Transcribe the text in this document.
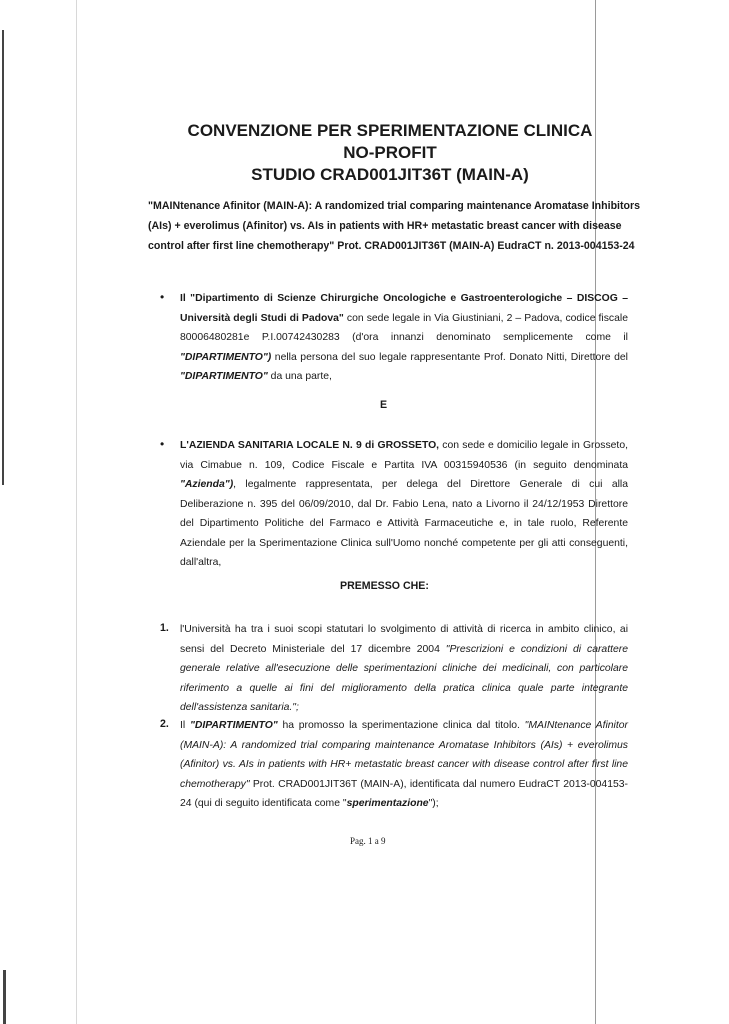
CONVENZIONE PER SPERIMENTAZIONE CLINICA
NO-PROFIT
STUDIO CRAD001JIT36T (MAIN-A)
"MAINtenance Afinitor (MAIN-A): A randomized trial comparing maintenance Aromatase Inhibitors
(AIs) + everolimus (Afinitor) vs. AIs in patients with HR+ metastatic breast cancer with disease
control after first line chemotherapy" Prot. CRAD001JIT36T (MAIN-A) EudraCT n. 2013-004153-24
• Il "Dipartimento di Scienze Chirurgiche Oncologiche e Gastroenterologiche – DISCOG –
Università degli Studi di Padova" con sede legale in Via Giustiniani, 2 – Padova, codice fiscale
80006480281e P.I.00742430283 (d'ora innanzi denominato semplicemente come il
"DIPARTIMENTO") nella persona del suo legale rappresentante Prof. Donato Nitti, Direttore del
"DIPARTIMENTO" da una parte,
E
• L'AZIENDA SANITARIA LOCALE N. 9 di GROSSETO, con sede e domicilio legale in Grosseto,
via Cimabue n. 109, Codice Fiscale e Partita IVA 00315940536 (in seguito denominata
"Azienda"), legalmente rappresentata, per delega del Direttore Generale di cui alla
Deliberazione n. 395 del 06/09/2010, dal Dr. Fabio Lena, nato a Livorno il 24/12/1953 Direttore
del Dipartimento Politiche del Farmaco e Attività Farmaceutiche e, in tale ruolo, Referente
Aziendale per la Sperimentazione Clinica sull'Uomo nonché competente per gli atti conseguenti,
dall'altra,
PREMESSO CHE:
1. l'Università ha tra i suoi scopi statutari lo svolgimento di attività di ricerca in ambito clinico, ai
sensi del Decreto Ministeriale del 17 dicembre 2004 "Prescrizioni e condizioni di carattere
generale relative all'esecuzione delle sperimentazioni cliniche dei medicinali, con particolare
riferimento a quelle ai fini del miglioramento della pratica clinica quale parte integrante
dell'assistenza sanitaria.";
2. Il "DIPARTIMENTO" ha promosso la sperimentazione clinica dal titolo. "MAINtenance Afinitor
(MAIN-A): A randomized trial comparing maintenance Aromatase Inhibitors (AIs) + everolimus
(Afinitor) vs. AIs in patients with HR+ metastatic breast cancer with disease control after first line
chemotherapy" Prot. CRAD001JIT36T (MAIN-A), identificata dal numero EudraCT 2013-004153-
24 (qui di seguito identificata come "sperimentazione");
Pag. 1 a 9
